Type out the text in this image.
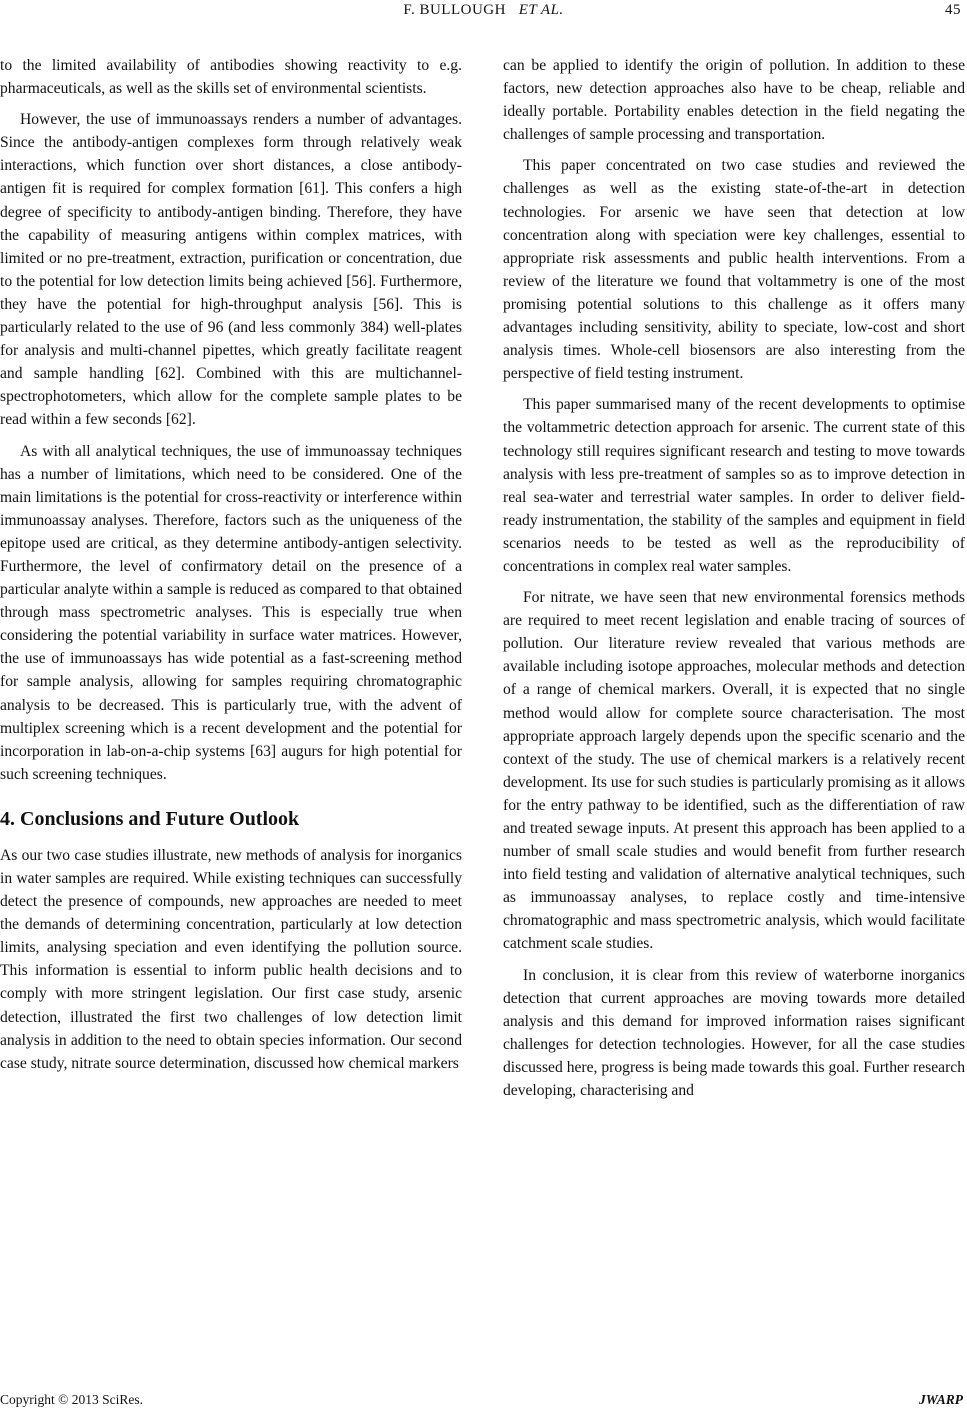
F. BULLOUGH ET AL.	45

to the limited availability of antibodies showing reactivity to e.g. pharmaceuticals, as well as the skills set of environmental scientists.

However, the use of immunoassays renders a number of advantages. Since the antibody-antigen complexes form through relatively weak interactions, which function over short distances, a close antibody-antigen fit is required for complex formation [61]. This confers a high degree of specificity to antibody-antigen binding. Therefore, they have the capability of measuring antigens within complex matrices, with limited or no pre-treatment, extraction, purification or concentration, due to the potential for low detection limits being achieved [56]. Furthermore, they have the potential for high-throughput analysis [56]. This is particularly related to the use of 96 (and less commonly 384) well-plates for analysis and multi-channel pipettes, which greatly facilitate reagent and sample handling [62]. Combined with this are multichannel-spectrophotometers, which allow for the complete sample plates to be read within a few seconds [62].

As with all analytical techniques, the use of immunoassay techniques has a number of limitations, which need to be considered. One of the main limitations is the potential for cross-reactivity or interference within immunoassay analyses. Therefore, factors such as the uniqueness of the epitope used are critical, as they determine antibody-antigen selectivity. Furthermore, the level of confirmatory detail on the presence of a particular analyte within a sample is reduced as compared to that obtained through mass spectrometric analyses. This is especially true when considering the potential variability in surface water matrices. However, the use of immunoassays has wide potential as a fast-screening method for sample analysis, allowing for samples requiring chromatographic analysis to be decreased. This is particularly true, with the advent of multiplex screening which is a recent development and the potential for incorporation in lab-on-a-chip systems [63] augurs for high potential for such screening techniques.

4. Conclusions and Future Outlook

As our two case studies illustrate, new methods of analysis for inorganics in water samples are required. While existing techniques can successfully detect the presence of compounds, new approaches are needed to meet the demands of determining concentration, particularly at low detection limits, analysing speciation and even identifying the pollution source. This information is essential to inform public health decisions and to comply with more stringent legislation. Our first case study, arsenic detection, illustrated the first two challenges of low detection limit analysis in addition to the need to obtain species information. Our second case study, nitrate source determination, discussed how chemical markers

can be applied to identify the origin of pollution. In addition to these factors, new detection approaches also have to be cheap, reliable and ideally portable. Portability enables detection in the field negating the challenges of sample processing and transportation.

This paper concentrated on two case studies and reviewed the challenges as well as the existing state-of-the-art in detection technologies. For arsenic we have seen that detection at low concentration along with speciation were key challenges, essential to appropriate risk assessments and public health interventions. From a review of the literature we found that voltammetry is one of the most promising potential solutions to this challenge as it offers many advantages including sensitivity, ability to speciate, low-cost and short analysis times. Whole-cell biosensors are also interesting from the perspective of field testing instrument.

This paper summarised many of the recent developments to optimise the voltammetric detection approach for arsenic. The current state of this technology still requires significant research and testing to move towards analysis with less pre-treatment of samples so as to improve detection in real sea-water and terrestrial water samples. In order to deliver field-ready instrumentation, the stability of the samples and equipment in field scenarios needs to be tested as well as the reproducibility of concentrations in complex real water samples.

For nitrate, we have seen that new environmental forensics methods are required to meet recent legislation and enable tracing of sources of pollution. Our literature review revealed that various methods are available including isotope approaches, molecular methods and detection of a range of chemical markers. Overall, it is expected that no single method would allow for complete source characterisation. The most appropriate approach largely depends upon the specific scenario and the context of the study. The use of chemical markers is a relatively recent development. Its use for such studies is particularly promising as it allows for the entry pathway to be identified, such as the differentiation of raw and treated sewage inputs. At present this approach has been applied to a number of small scale studies and would benefit from further research into field testing and validation of alternative analytical techniques, such as immunoassay analyses, to replace costly and time-intensive chromatographic and mass spectrometric analysis, which would facilitate catchment scale studies.

In conclusion, it is clear from this review of waterborne inorganics detection that current approaches are moving towards more detailed analysis and this demand for improved information raises significant challenges for detection technologies. However, for all the case studies discussed here, progress is being made towards this goal. Further research developing, characterising and

Copyright © 2013 SciRes.	JWARP
